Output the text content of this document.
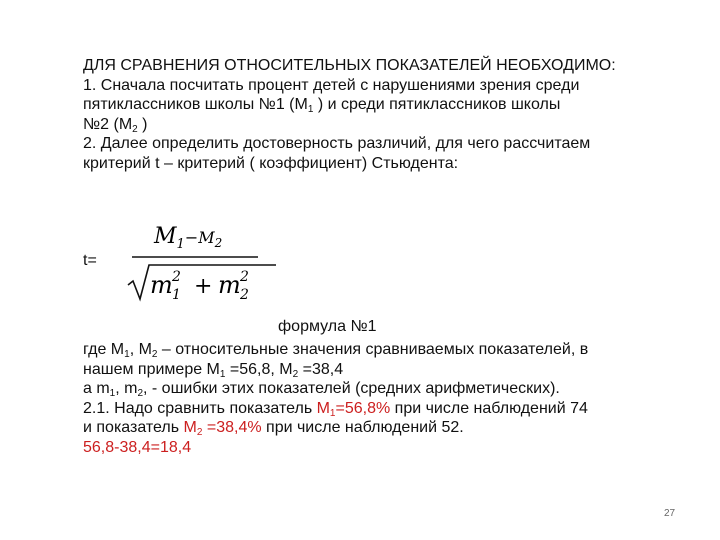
ДЛЯ СРАВНЕНИЯ ОТНОСИТЕЛЬНЫХ ПОКАЗАТЕЛЕЙ НЕОБХОДИМО:
1. Сначала посчитать процент детей с нарушениями зрения среди
пятиклассников школы №1 ($М_1$ ) и среди пятиклассников школы
№2 ($М_2$ )
2. Далее определить достоверность различий, для чего рассчитаем
критерий t – критерий ( коэффициент) Стьюдента:
t=
$M_1^-M2$
m 2
1 + m 2
2
формула №1
где $М_1$, $М_2$ – относительные значения сравниваемых показателей, в
нашем примере $М_1 =56,8$, $М_2 =38,4$
а $m_1$, $m_2$, - ошибки этих показателей (средних арифметических).
2.1. Надо сравнить показатель $М_1=56,8\%$ при числе наблюдений 74
и показатель $М_2 =38,4\%$ при числе наблюдений 52.
56,8-38,4=18,4
27
